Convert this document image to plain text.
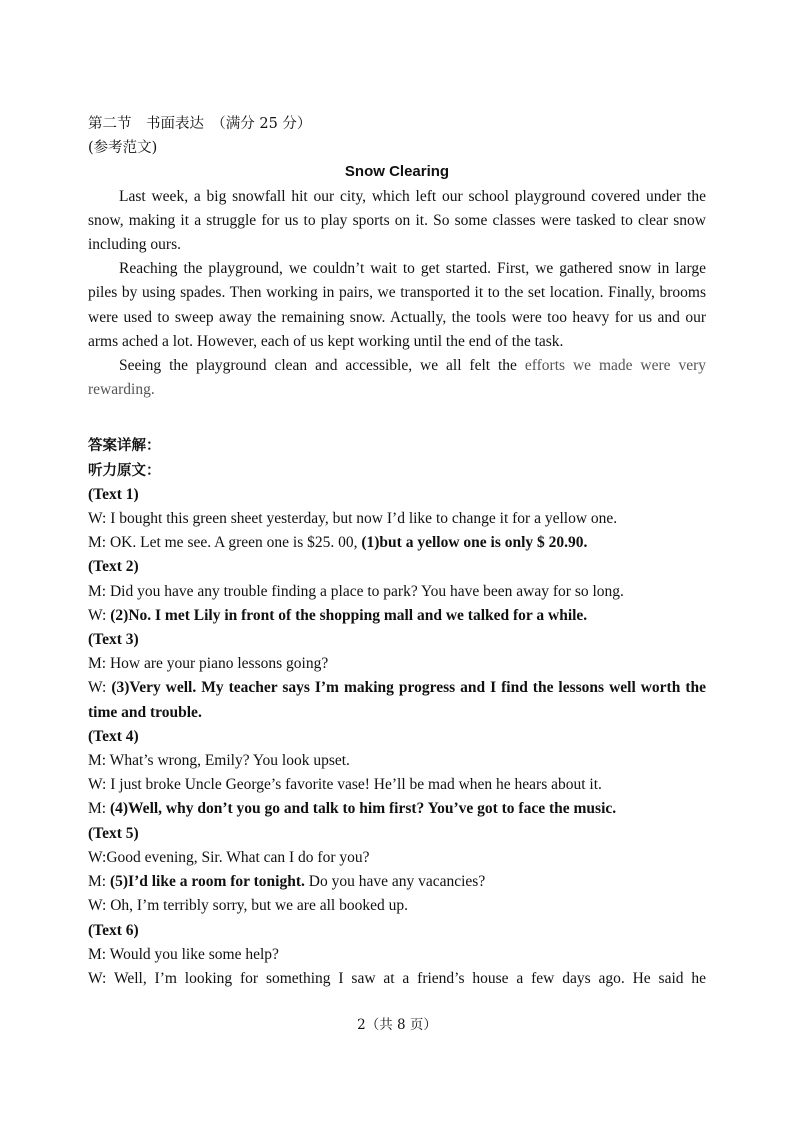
第二节　书面表达　（满分 25 分）
(参考范文)
Snow Clearing

Last week, a big snowfall hit our city, which left our school playground covered under the snow, making it a struggle for us to play sports on it. So some classes were tasked to clear snow including ours.

Reaching the playground, we couldn’t wait to get started. First, we gathered snow in large piles by using spades. Then working in pairs, we transported it to the set location. Finally, brooms were used to sweep away the remaining snow. Actually, the tools were too heavy for us and our arms ached a lot. However, each of us kept working until the end of the task.

Seeing the playground clean and accessible, we all felt the efforts we made were very rewarding.

答案详解：
听力原文：
(Text 1)
W: I bought this green sheet yesterday, but now I’d like to change it for a yellow one.
M: OK. Let me see. A green one is $25. 00, (1)but a yellow one is only $ 20.90.
(Text 2)
M: Did you have any trouble finding a place to park? You have been away for so long.
W: (2)No. I met Lily in front of the shopping mall and we talked for a while.
(Text 3)
M: How are your piano lessons going?

W: (3)Very well. My teacher says I’m making progress and I find the lessons well worth the time and trouble.

(Text 4)
M: What’s wrong, Emily? You look upset.
W: I just broke Uncle George’s favorite vase! He’ll be mad when he hears about it.
M: (4)Well, why don’t you go and talk to him first? You’ve got to face the music.
(Text 5)
W:Good evening, Sir. What can I do for you?
M: (5)I’d like a room for tonight. Do you have any vacancies?
W: Oh, I’m terribly sorry, but we are all booked up.
(Text 6)
M: Would you like some help?
W: Well, I’m looking for something I saw at a friend’s house a few days ago. He said he
2（共 8 页）
